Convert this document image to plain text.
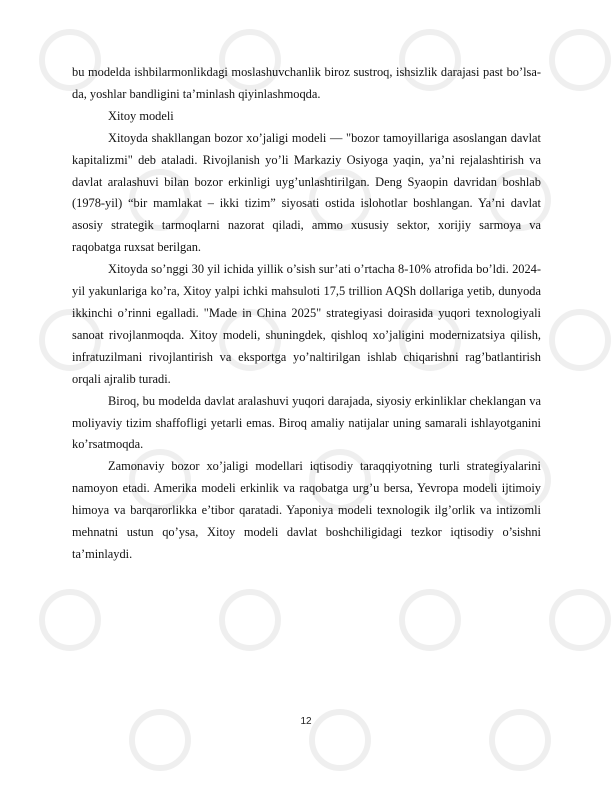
bu modelda ishbilarmonlikdagi moslashuvchanlik biroz sustroq, ishsizlik darajasi past bo’lsa-da, yoshlar bandligini ta’minlash qiyinlashmoqda.

Xitoy modeli

Xitoyda shakllangan bozor xo’jaligi modeli — "bozor tamoyillariga asoslangan davlat kapitalizmi" deb ataladi. Rivojlanish yo’li Markaziy Osiyoga yaqin, ya’ni rejalashtirish va davlat aralashuvi bilan bozor erkinligi uyg’unlashtirilgan. Deng Syaopin davridan boshlab (1978-yil) “bir mamlakat – ikki tizim” siyosati ostida islohotlar boshlangan. Ya’ni davlat asosiy strategik tarmoqlarni nazorat qiladi, ammo xususiy sektor, xorijiy sarmoya va raqobatga ruxsat berilgan.

Xitoyda so’nggi 30 yil ichida yillik o’sish sur’ati o’rtacha 8-10% atrofida bo’ldi. 2024-yil yakunlariga ko’ra, Xitoy yalpi ichki mahsuloti 17,5 trillion AQSh dollariga yetib, dunyoda ikkinchi o’rinni egalladi. "Made in China 2025" strategiyasi doirasida yuqori texnologiyali sanoat rivojlanmoqda. Xitoy modeli, shuningdek, qishloq xo’jaligini modernizatsiya qilish, infratuzilmani rivojlantirish va eksportga yo’naltirilgan ishlab chiqarishni rag’batlantirish orqali ajralib turadi.

Biroq, bu modelda davlat aralashuvi yuqori darajada, siyosiy erkinliklar cheklangan va moliyaviy tizim shaffofligi yetarli emas. Biroq amaliy natijalar uning samarali ishlayotganini ko’rsatmoqda.

Zamonaviy bozor xo’jaligi modellari iqtisodiy taraqqiyotning turli strategiyalarini namoyon etadi. Amerika modeli erkinlik va raqobatga urg’u bersa, Yevropa modeli ijtimoiy himoya va barqarorlikka e’tibor qaratadi. Yaponiya modeli texnologik ilg’orlik va intizomli mehnatni ustun qo’ysa, Xitoy modeli davlat boshchiligidagi tezkor iqtisodiy o’sishni ta’minlaydi.

12
